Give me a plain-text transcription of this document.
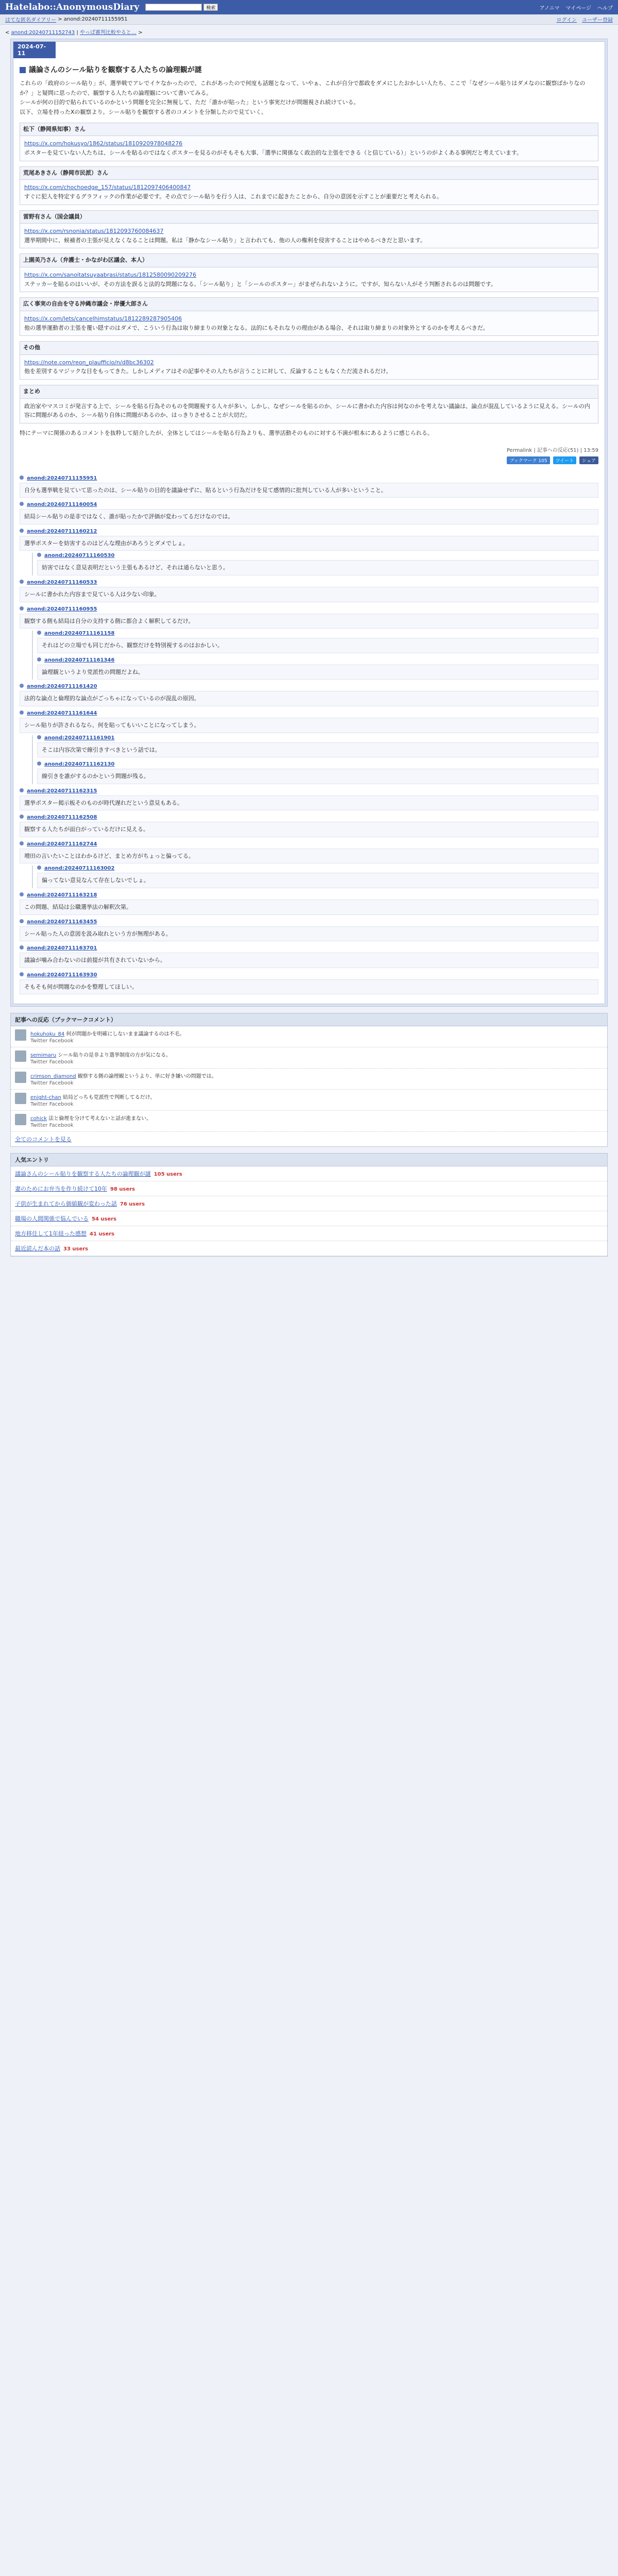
Hatelabo::AnonymousDiary	検索	アノニマ マイページ ヘルプ
はてな匿名ダイアリー > anond:20240711155951	ログイン ユーザー登録
< anond:20240711152743 | やっぱ審判比較やると… >
2024-07-11
議論さんのシール貼りを観察する人たちの論理観が謎

これらの「政府のシール貼り」が、選挙戦でアレでイケなかったので、これがあったので何度も話題となって、いやぁ、これが自分で都政をダメにしたおかしい人たち、ここで「なぜシール貼りはダメなのに観察ばかりなのか？」と疑問に思ったので、観察する人たちの論理観について書いてみる。

シールが何の目的で貼られているのかという問題を完全に無視して、ただ「誰かが貼った」という事実だけが問題視され続けている。

以下、立場を持ったXの観察より。シール貼りを観察する者のコメントを分類したので見ていく。

松下（静岡県知事）さん
https://x.com/hokusyo/1862/status/1810920978048276
ポスターを見ていない人たちは、シールを貼るのではなくポスターを見るのがそもそも大事、「選挙に関係なく政治的な主張をできる（と信じている）」というのがよくある事例だと考えています。
荒尾あきさん（静岡市民派）さん
https://x.com/chochoedge_157/status/1812097406400847
すぐに犯人を特定するグラフィックの作業が必要です。その点でシール貼りを行う人は、これまでに起きたことから、自分の意図を示すことが重要だと考えられる。
雷野有さん（国会議員）
https://x.com/rsnonia/status/1812093760084637
選挙期間中に、候補者の主張が見えなくなることは問題。私は「静かなシール貼り」と言われても、他の人の権利を侵害することはやめるべきだと思います。
上園美乃さん（弁護士・かながわ区議会、本人）
https://x.com/sanoitatsuyaabrasi/status/1812580090209276
ステッカーを貼るのはいいが、その方法を誤ると法的な問題になる。「シール貼り」と「シールのポスター」がまぜられないように。ですが、知らない人がそう判断されるのは問題です。
広く事実の自由を守る沖縄市議会・岸優大郎さん
https://x.com/lets/cancelhimstatus/1812289287905406
他の選挙運動者の主張を覆い隠すのはダメで、こういう行為は取り締まりの対象となる。法的にもそれなりの理由がある場合、それは取り締まりの対象外とするのかを考えるべきだ。
その他
https://note.com/reon_plaufficio/n/d8bc36302
他を差別するマジックな目をもってきた。しかしメディアはその記事やその人たちが言うことに対して、反論することもなくただ流されるだけ。
まとめ
政治家やマスコミが発言する上で、シールを貼る行為そのものを問題視する人々が多い。しかし、なぜシールを貼るのか、シールに書かれた内容は何なのかを考えない議論は、論点が混乱しているように見える。シールの内容に問題があるのか、シール貼り自体に問題があるのか、はっきりさせることが大切だ。

特にテーマに関係のあるコメントを抜粋して紹介したが、全体としてはシールを貼る行為よりも、選挙活動そのものに対する不満が根本にあるように感じられる。

Permalink | 記事への反応(51) | 13:59
ブックマーク 105	ツイート	シェア
anond:20240711155951
自分も選挙戦を見ていて思ったのは、シール貼りの目的を議論せずに、貼るという行為だけを見て感情的に批判している人が多いということ。
anond:20240711160054
結局シール貼りの是非ではなく、誰が貼ったかで評価が変わってるだけなのでは。
anond:20240711160212
選挙ポスターを妨害するのはどんな理由があろうとダメでしょ。
anond:20240711160530
妨害ではなく意見表明だという主張もあるけど、それは通らないと思う。
anond:20240711160533
シールに書かれた内容まで見ている人は少ない印象。
anond:20240711160955
観察する側も結局は自分の支持する側に都合よく解釈してるだけ。
anond:20240711161158
それはどの立場でも同じだから、観察だけを特別視するのはおかしい。
anond:20240711161346
論理観というより党派性の問題だよね。
anond:20240711161420
法的な論点と倫理的な論点がごっちゃになっているのが混乱の原因。
anond:20240711161644
シール貼りが許されるなら、何を貼ってもいいことになってしまう。
anond:20240711161901
そこは内容次第で線引きすべきという話では。
anond:20240711162130
線引きを誰がするのかという問題が残る。
anond:20240711162315
選挙ポスター掲示板そのものが時代遅れだという意見もある。
anond:20240711162508
観察する人たちが面白がっているだけに見える。
anond:20240711162744
増田の言いたいことはわかるけど、まとめ方がちょっと偏ってる。
anond:20240711163002
偏ってない意見なんて存在しないでしょ。
anond:20240711163218
この問題、結局は公職選挙法の解釈次第。
anond:20240711163455
シール貼った人の意図を汲み取れという方が無理がある。
anond:20240711163701
議論が噛み合わないのは前提が共有されていないから。
anond:20240711163930
そもそも何が問題なのかを整理してほしい。
記事への反応（ブックマークコメント）
hokuhoku_84 何が問題かを明確にしないまま議論するのは不毛。
Twitter Facebook
semimaru シール貼りの是非より選挙制度の方が気になる。
Twitter Facebook
crimson_diamond 観察する側の論理観というより、単に好き嫌いの問題では。
Twitter Facebook
enight-chan 結局どっちも党派性で判断してるだけ。
Twitter Facebook
cohick 法と倫理を分けて考えないと話が進まない。
Twitter Facebook
全てのコメントを見る
人気エントリ
議論さんのシール貼りを観察する人たちの論理観が謎 105 users
妻のためにお弁当を作り続けて10年 98 users
子供が生まれてから価値観が変わった話 76 users
職場の人間関係で悩んでいる 54 users
地方移住して1年経った感想 41 users
最近読んだ本の話 33 users
